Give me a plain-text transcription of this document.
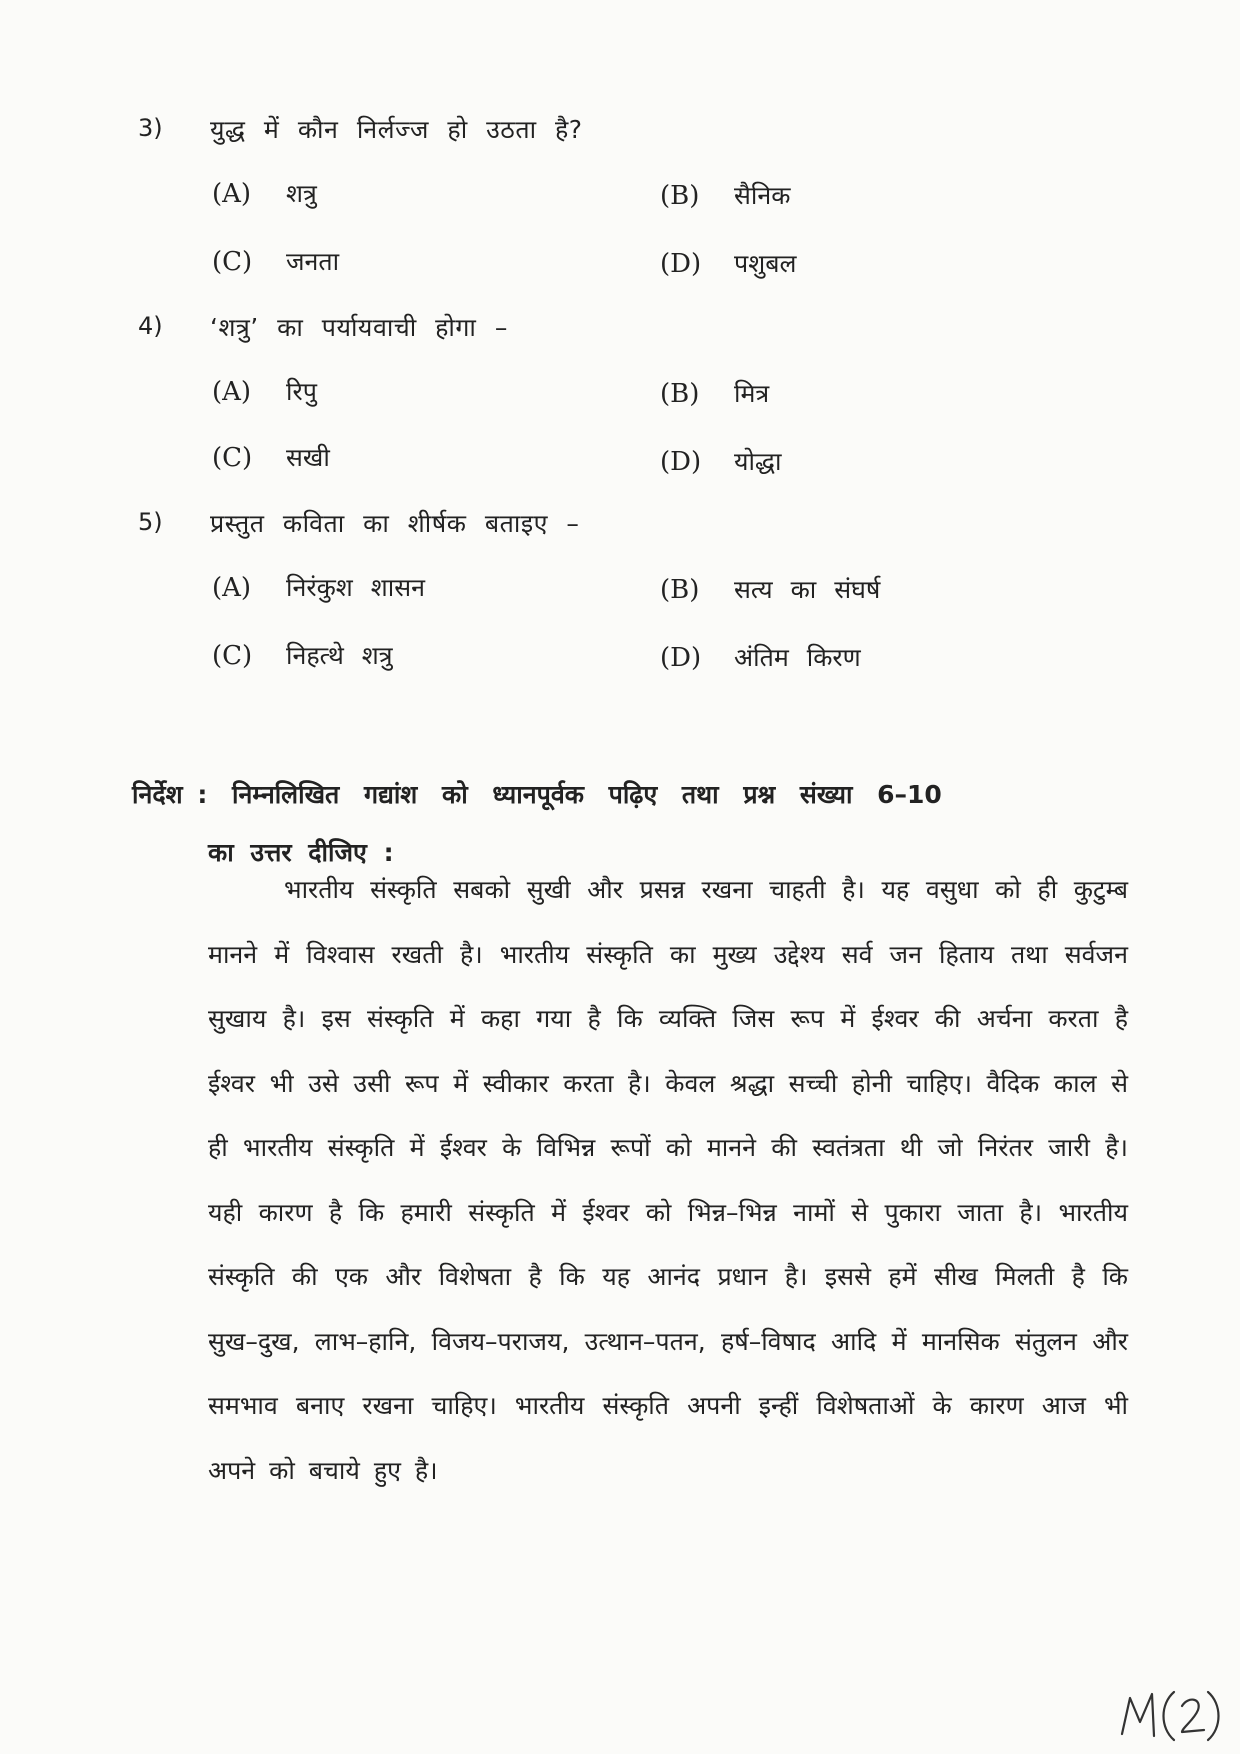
3) युद्ध में कौन निर्लज्ज हो उठता है?
(A) शत्रु	(B) सैनिक
(C) जनता	(D) पशुबल
4) ‘शत्रु’ का पर्यायवाची होगा –
(A) रिपु	(B) मित्र
(C) सखी	(D) योद्धा
5) प्रस्तुत कविता का शीर्षक बताइए –
(A) निरंकुश शासन	(B) सत्य का संघर्ष
(C) निहत्थे शत्रु	(D) अंतिम किरण
निर्देश : निम्नलिखित गद्यांश को ध्यानपूर्वक पढ़िए तथा प्रश्न संख्या 6–10
का उत्तर दीजिए :
भारतीय संस्कृति सबको सुखी और प्रसन्न रखना चाहती है। यह वसुधा को ही कुटुम्ब मानने में विश्वास रखती है। भारतीय संस्कृति का मुख्य उद्देश्य सर्व जन हिताय तथा सर्वजन सुखाय है। इस संस्कृति में कहा गया है कि व्यक्ति जिस रूप में ईश्वर की अर्चना करता है ईश्वर भी उसे उसी रूप में स्वीकार करता है। केवल श्रद्धा सच्ची होनी चाहिए। वैदिक काल से ही भारतीय संस्कृति में ईश्वर के विभिन्न रूपों को मानने की स्वतंत्रता थी जो निरंतर जारी है। यही कारण है कि हमारी संस्कृति में ईश्वर को भिन्न–भिन्न नामों से पुकारा जाता है। भारतीय संस्कृति की एक और विशेषता है कि यह आनंद प्रधान है। इससे हमें सीख मिलती है कि सुख–दुख, लाभ–हानि, विजय–पराजय, उत्थान–पतन, हर्ष–विषाद आदि में मानसिक संतुलन और समभाव बनाए रखना चाहिए। भारतीय संस्कृति अपनी इन्हीं विशेषताओं के कारण आज भी अपने को बचाये हुए है।
